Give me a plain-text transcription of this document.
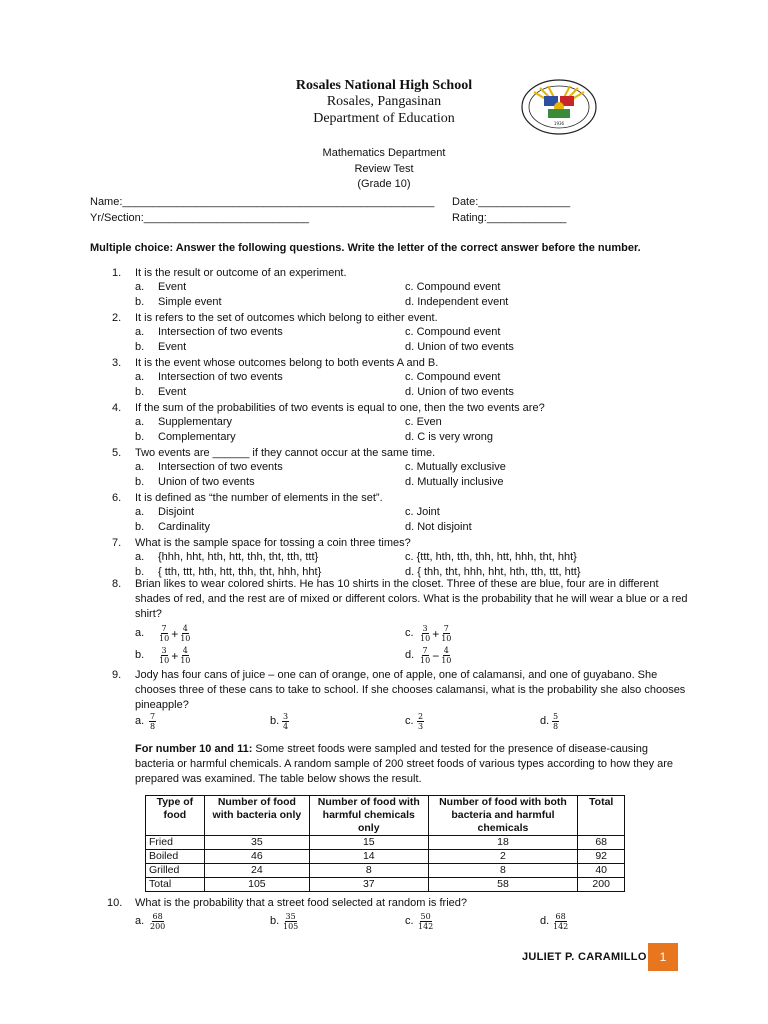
Rosales National High School
Rosales, Pangasinan
Department of Education	1936
Mathematics Department
Review Test
(Grade 10)
Name:___________________________________________________ Date:_______________
Yr/Section:___________________________	Rating:_____________
Multiple choice: Answer the following questions. Write the letter of the correct answer before the number.
1. It is the result or outcome of an experiment.
a. Event
b. Simple event
c. Compound event
d. Independent event
2. It is refers to the set of outcomes which belong to either event.
a. Intersection of two events
b. Event
c. Compound event
d. Union of two events
3. It is the event whose outcomes belong to both events A and B.
a. Intersection of two events
b. Event
c. Compound event
d. Union of two events
4. If the sum of the probabilities of two events is equal to one, then the two events are?
a. Supplementary
b. Complementary
c. Even
d. C is very wrong
5. Two events are ______ if they cannot occur at the same time.
a. Intersection of two events
b. Union of two events
c. Mutually exclusive
d. Mutually inclusive
6. It is defined as “the number of elements in the set”.
a. Disjoint
b. Cardinality
c. Joint
d. Not disjoint
7. What is the sample space for tossing a coin three times?
a. {hhh, hht, hth, htt, thh, tht, tth, ttt}
b. { tth, ttt, hth, htt, thh, tht, hhh, hht}
c. {ttt, hth, tth, thh, htt, hhh, tht, hht}
d. { thh, tht, hhh, hht, hth, tth, ttt, htt}
8. Brian likes to wear colored shirts. He has 10 shirts in the closet. Three of these are blue, four are in different shades of red, and the rest are of mixed or different colors. What is the probability that he will wear a blue or a red shirt?
a. $\frac{7}{10} + \frac{4}{10}$	c. $\frac{3}{10} + \frac{7}{10}$
b. $\frac{3}{10} + \frac{4}{10}$	d. $\frac{7}{10} - \frac{4}{10}$
9. Jody has four cans of juice – one can of orange, one of apple, one of calamansi, and one of guyabano. She chooses three of these cans to take to school. If she chooses calamansi, what is the probability she also chooses pineapple?
a. $\frac{7}{8}$	b. $\frac{3}{4}$	c. $\frac{2}{3}$	d. $\frac{5}{8}$
For number 10 and 11: Some street foods were sampled and tested for the presence of disease-causing bacteria or harmful chemicals. A random sample of 200 street foods of various types according to how they are prepared was examined. The table below shows the result.
Type of food	Number of food with bacteria only	Number of food with harmful chemicals only	Number of food with both bacteria and harmful chemicals	Total
Fried	35	15	18	68
Boiled	46	14	2	92
Grilled	24	8	8	40
Total	105	37	58	200
10. What is the probability that a street food selected at random is fried?
a. $\frac{68}{200}$	b. $\frac{35}{105}$	c. $\frac{50}{142}$	d. $\frac{68}{142}$
JULIET P. CARAMILLO	1
